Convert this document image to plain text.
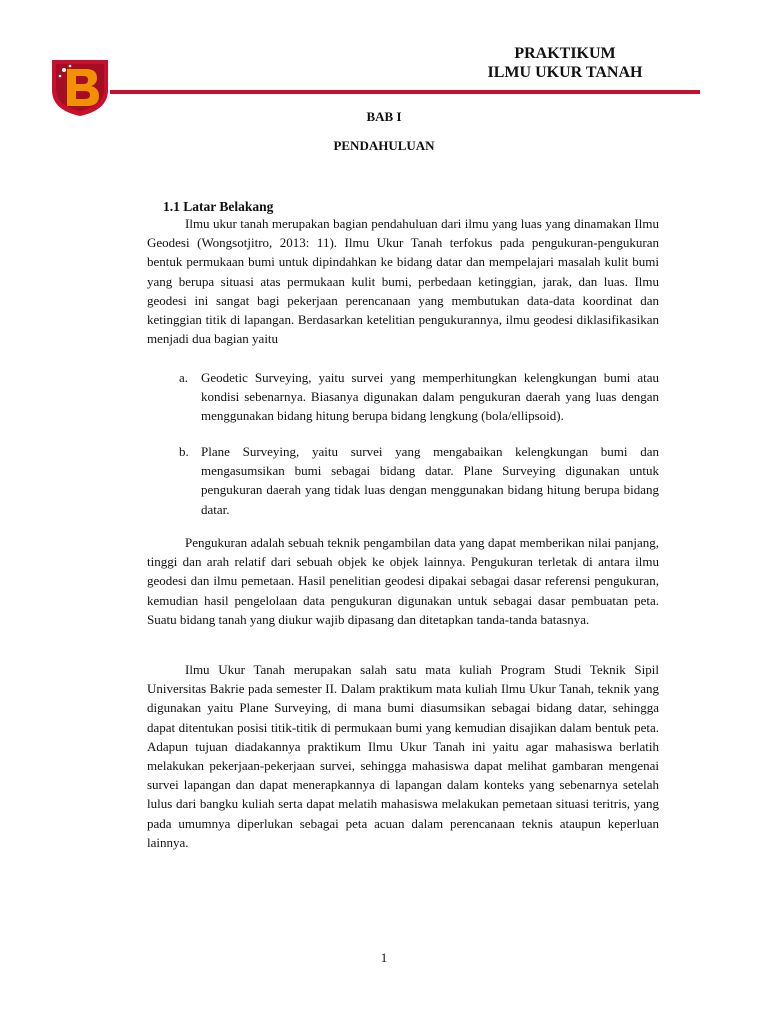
PRAKTIKUM
ILMU UKUR TANAH
BAB I
PENDAHULUAN
1.1 Latar Belakang

Ilmu ukur tanah merupakan bagian pendahuluan dari ilmu yang luas yang dinamakan Ilmu Geodesi (Wongsotjitro, 2013: 11). Ilmu Ukur Tanah terfokus pada pengukuran-pengukuran bentuk permukaan bumi untuk dipindahkan ke bidang datar dan mempelajari masalah kulit bumi yang berupa situasi atas permukaan kulit bumi, perbedaan ketinggian, jarak, dan luas. Ilmu geodesi ini sangat bagi pekerjaan perencanaan yang membutukan data-data koordinat dan ketinggian titik di lapangan. Berdasarkan ketelitian pengukurannya, ilmu geodesi diklasifikasikan menjadi dua bagian yaitu

a. Geodetic Surveying, yaitu survei yang memperhitungkan kelengkungan bumi atau kondisi sebenarnya. Biasanya digunakan dalam pengukuran daerah yang luas dengan menggunakan bidang hitung berupa bidang lengkung (bola/ellipsoid).
b. Plane Surveying, yaitu survei yang mengabaikan kelengkungan bumi dan mengasumsikan bumi sebagai bidang datar. Plane Surveying digunakan untuk pengukuran daerah yang tidak luas dengan menggunakan bidang hitung berupa bidang datar.

Pengukuran adalah sebuah teknik pengambilan data yang dapat memberikan nilai panjang, tinggi dan arah relatif dari sebuah objek ke objek lainnya. Pengukuran terletak di antara ilmu geodesi dan ilmu pemetaan. Hasil penelitian geodesi dipakai sebagai dasar referensi pengukuran, kemudian hasil pengelolaan data pengukuran digunakan untuk sebagai dasar pembuatan peta. Suatu bidang tanah yang diukur wajib dipasang dan ditetapkan tanda-tanda batasnya.

Ilmu Ukur Tanah merupakan salah satu mata kuliah Program Studi Teknik Sipil Universitas Bakrie pada semester II. Dalam praktikum mata kuliah Ilmu Ukur Tanah, teknik yang digunakan yaitu Plane Surveying, di mana bumi diasumsikan sebagai bidang datar, sehingga dapat ditentukan posisi titik-titik di permukaan bumi yang kemudian disajikan dalam bentuk peta. Adapun tujuan diadakannya praktikum Ilmu Ukur Tanah ini yaitu agar mahasiswa berlatih melakukan pekerjaan-pekerjaan survei, sehingga mahasiswa dapat melihat gambaran mengenai survei lapangan dan dapat menerapkannya di lapangan dalam konteks yang sebenarnya setelah lulus dari bangku kuliah serta dapat melatih mahasiswa melakukan pemetaan situasi teritris, yang pada umumnya diperlukan sebagai peta acuan dalam perencanaan teknis ataupun keperluan lainnya.

1
